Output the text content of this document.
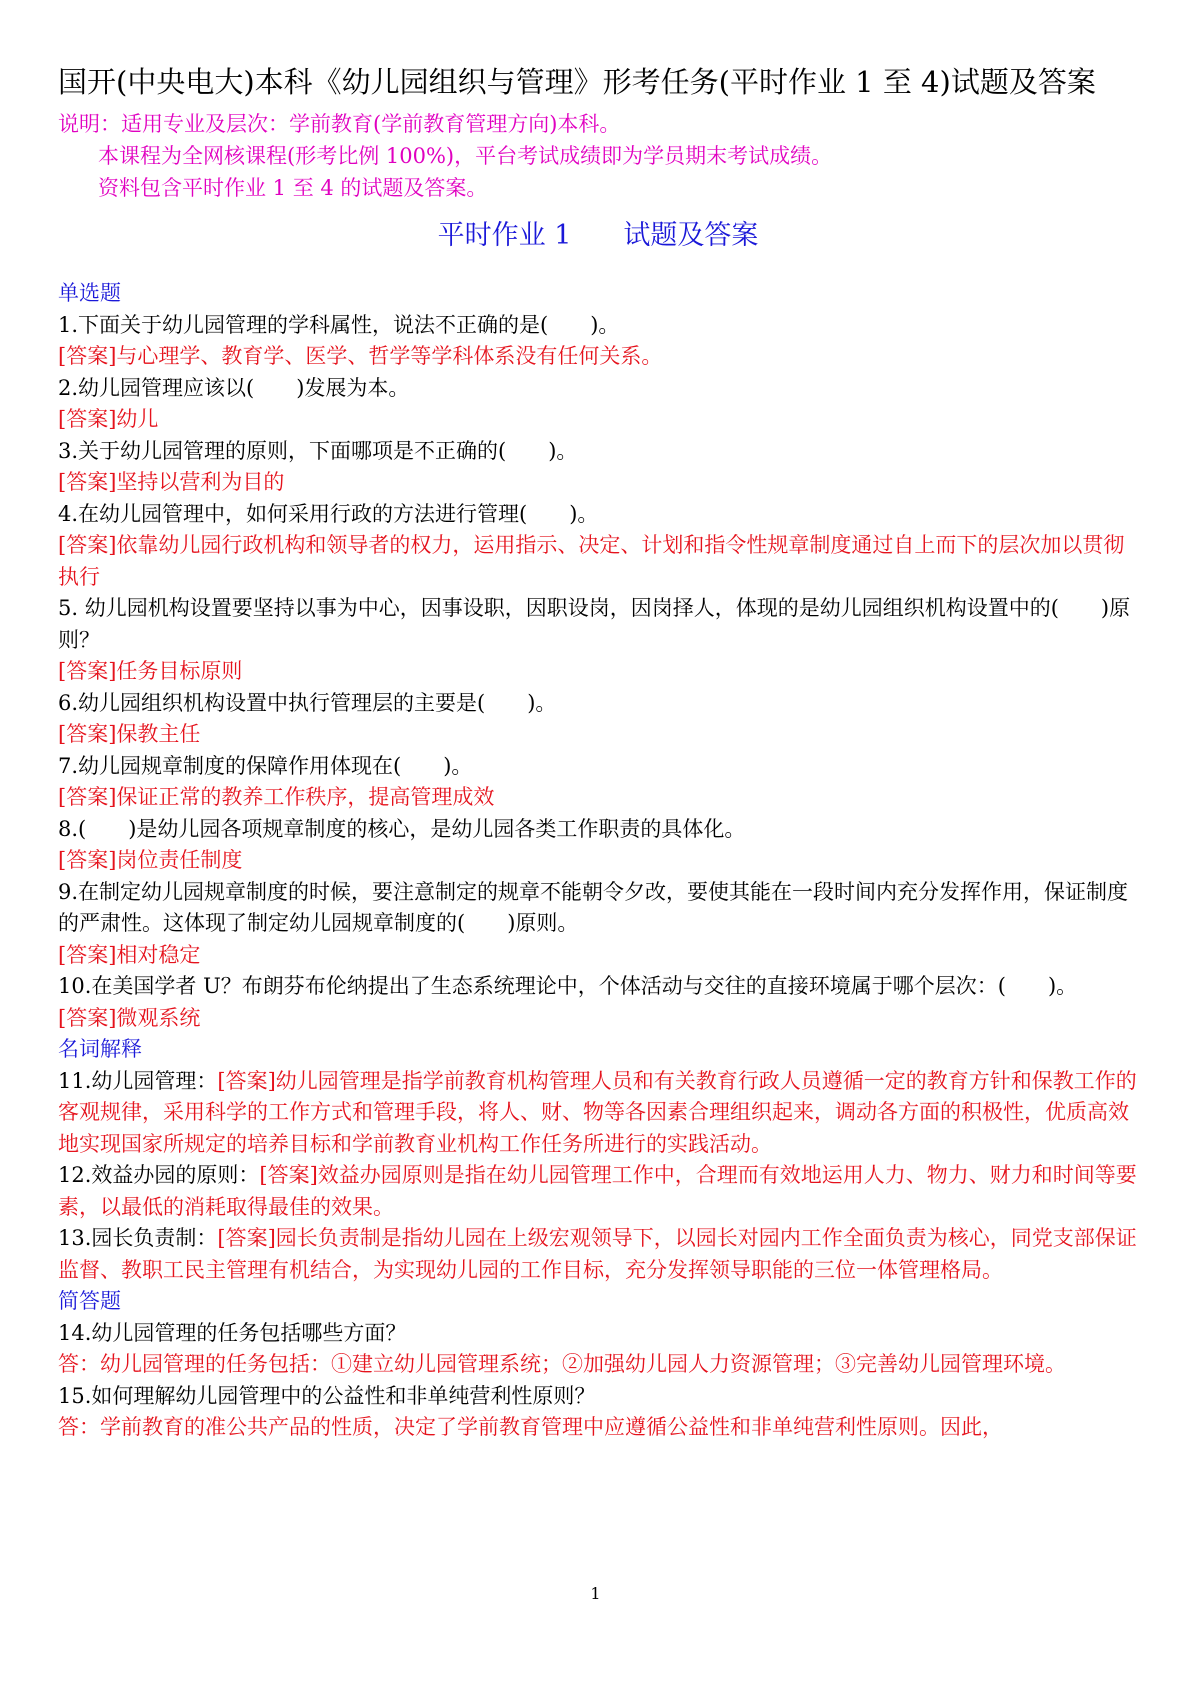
国开(中央电大)本科《幼儿园组织与管理》形考任务(平时作业 1 至 4)试题及答案
说明：适用专业及层次：学前教育(学前教育管理方向)本科。
本课程为全网核课程(形考比例 100%)，平台考试成绩即为学员期末考试成绩。
资料包含平时作业 1 至 4 的试题及答案。
平时作业 1 试题及答案
单选题
1.下面关于幼儿园管理的学科属性，说法不正确的是(　　)。
[答案]与心理学、教育学、医学、哲学等学科体系没有任何关系。
2.幼儿园管理应该以(　　)发展为本。
[答案]幼儿
3.关于幼儿园管理的原则，下面哪项是不正确的(　　)。
[答案]坚持以营利为目的
4.在幼儿园管理中，如何采用行政的方法进行管理(　　)。
[答案]依靠幼儿园行政机构和领导者的权力，运用指示、决定、计划和指令性规章制度通过自上而下的层次加以贯彻执行
5. 幼儿园机构设置要坚持以事为中心，因事设职，因职设岗，因岗择人，体现的是幼儿园组织机构设置中的(　　)原则？
[答案]任务目标原则
6.幼儿园组织机构设置中执行管理层的主要是(　　)。
[答案]保教主任
7.幼儿园规章制度的保障作用体现在(　　)。
[答案]保证正常的教养工作秩序，提高管理成效
8.(　　)是幼儿园各项规章制度的核心，是幼儿园各类工作职责的具体化。
[答案]岗位责任制度
9.在制定幼儿园规章制度的时候，要注意制定的规章不能朝令夕改，要使其能在一段时间内充分发挥作用，保证制度的严肃性。这体现了制定幼儿园规章制度的(　　)原则。
[答案]相对稳定
10.在美国学者 U？布朗芬布伦纳提出了生态系统理论中，个体活动与交往的直接环境属于哪个层次：(　　)。
[答案]微观系统
名词解释
11.幼儿园管理：[答案]幼儿园管理是指学前教育机构管理人员和有关教育行政人员遵循一定的教育方针和保教工作的客观规律，采用科学的工作方式和管理手段，将人、财、物等各因素合理组织起来，调动各方面的积极性，优质高效地实现国家所规定的培养目标和学前教育业机构工作任务所进行的实践活动。
12.效益办园的原则：[答案]效益办园原则是指在幼儿园管理工作中，合理而有效地运用人力、物力、财力和时间等要素，以最低的消耗取得最佳的效果。
13.园长负责制：[答案]园长负责制是指幼儿园在上级宏观领导下，以园长对园内工作全面负责为核心，同党支部保证监督、教职工民主管理有机结合，为实现幼儿园的工作目标，充分发挥领导职能的三位一体管理格局。
简答题
14.幼儿园管理的任务包括哪些方面？
答：幼儿园管理的任务包括：①建立幼儿园管理系统；②加强幼儿园人力资源管理；③完善幼儿园管理环境。
15.如何理解幼儿园管理中的公益性和非单纯营利性原则？
答：学前教育的准公共产品的性质，决定了学前教育管理中应遵循公益性和非单纯营利性原则。因此，
1
